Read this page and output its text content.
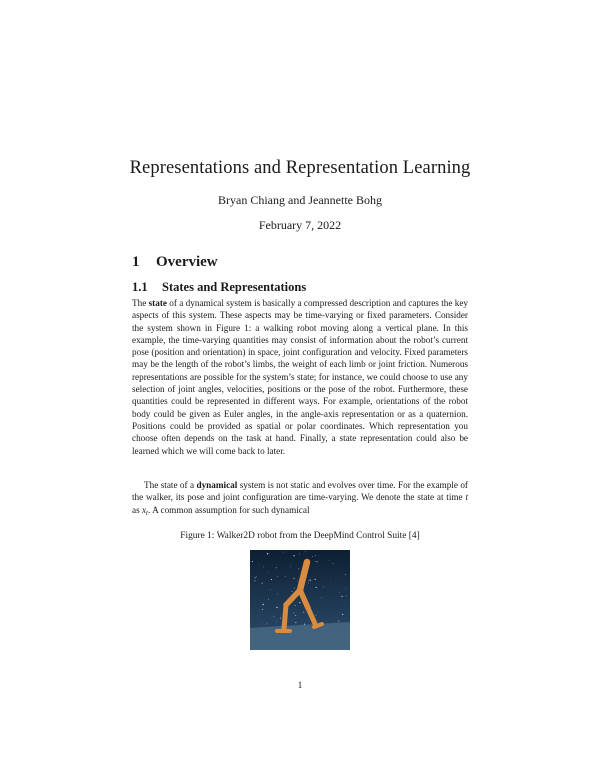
Representations and Representation Learning
Bryan Chiang and Jeannette Bohg
February 7, 2022
1 Overview
1.1 States and Representations

The state of a dynamical system is basically a compressed description and captures the key aspects of this system. These aspects may be time-varying or fixed parameters. Consider the system shown in Figure 1: a walking robot moving along a vertical plane. In this example, the time-varying quantities may consist of information about the robot’s current pose (position and orientation) in space, joint configuration and velocity. Fixed parameters may be the length of the robot’s limbs, the weight of each limb or joint friction. Numerous representations are possible for the system’s state; for instance, we could choose to use any selection of joint angles, velocities, positions or the pose of the robot. Furthermore, these quantities could be represented in different ways. For example, orientations of the robot body could be given as Euler angles, in the angle-axis representation or as a quaternion. Positions could be provided as spatial or polar coordinates. Which representation you choose often depends on the task at hand. Finally, a state representation could also be learned which we will come back to later.

The state of a dynamical system is not static and evolves over time. For the example of the walker, its pose and joint configuration are time-varying. We denote the state at time t as $x_t$. A common assumption for such dynamical

Figure 1: Walker2D robot from the DeepMind Control Suite [4]
1
